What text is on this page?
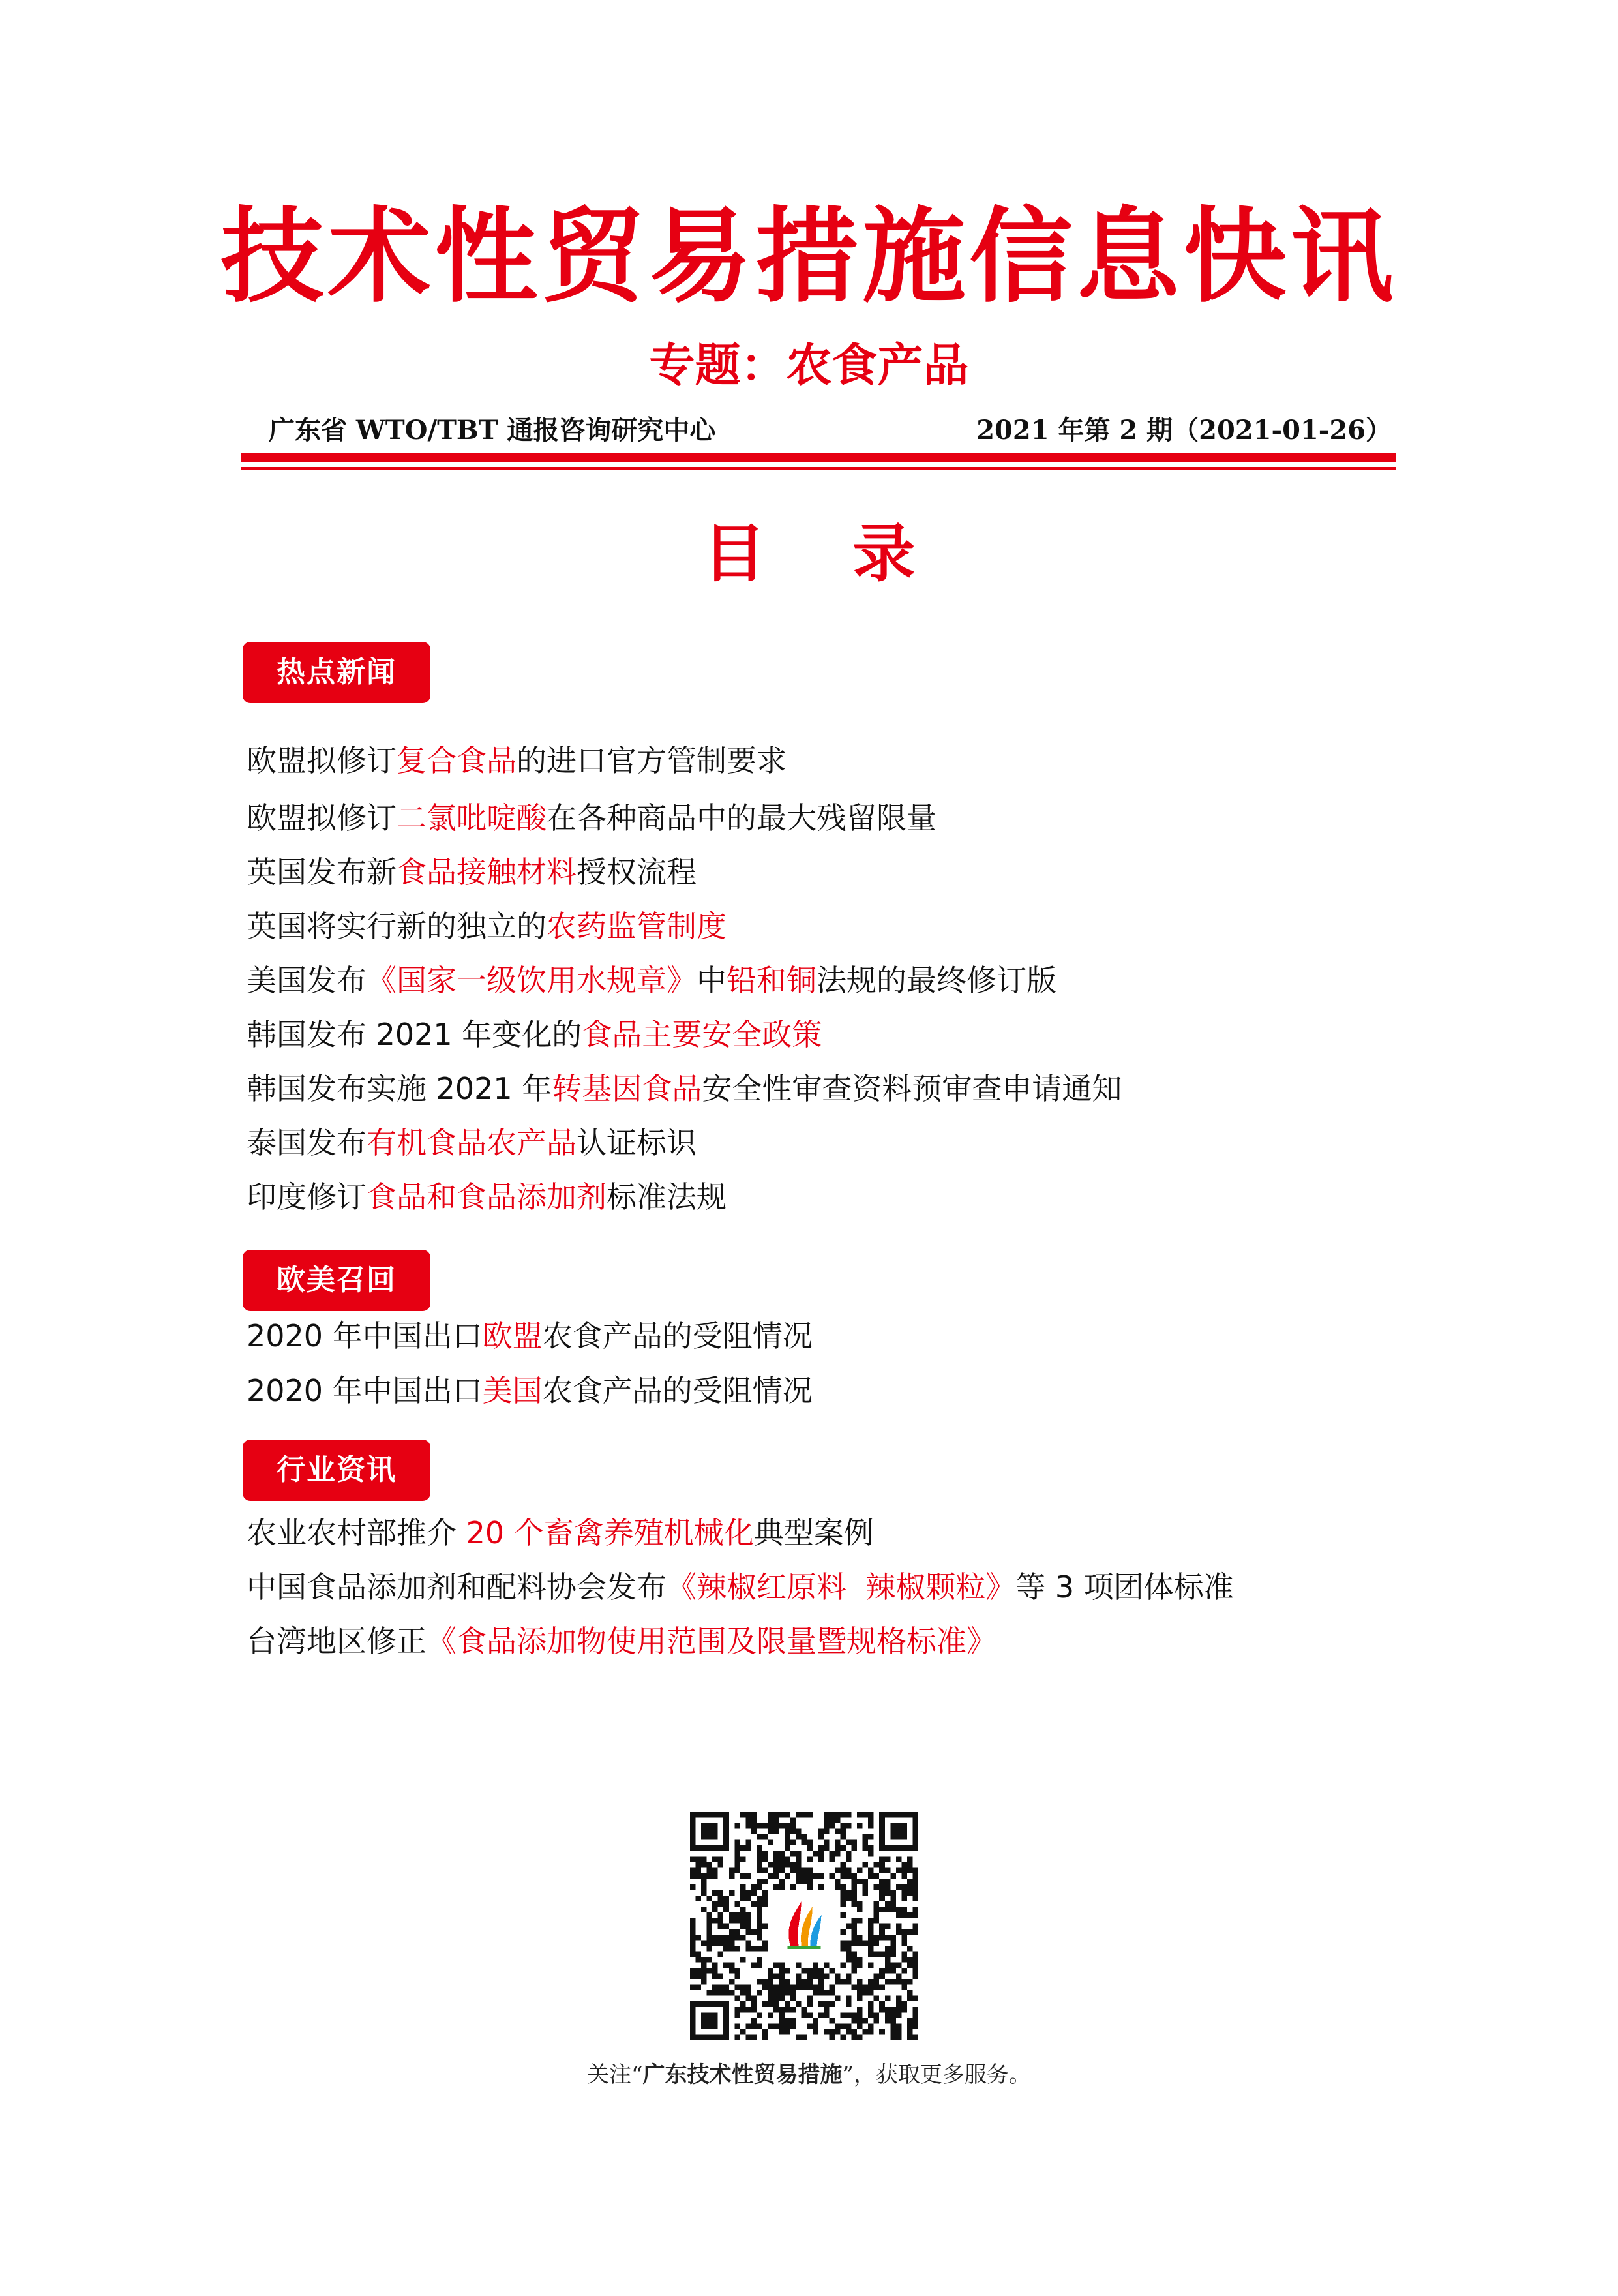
技术性贸易措施信息快讯
专题：农食产品
广东省 WTO/TBT 通报咨询研究中心	2021 年第 2 期（2021-01-26）
目 录
热点新闻
欧盟拟修订复合食品的进口官方管制要求
欧盟拟修订二氯吡啶酸在各种商品中的最大残留限量
英国发布新食品接触材料授权流程
英国将实行新的独立的农药监管制度
美国发布《国家一级饮用水规章》中铅和铜法规的最终修订版
韩国发布 2021 年变化的食品主要安全政策
韩国发布实施 2021 年转基因食品安全性审查资料预审查申请通知
泰国发布有机食品农产品认证标识
印度修订食品和食品添加剂标准法规
欧美召回
2020 年中国出口欧盟农食产品的受阻情况
2020 年中国出口美国农食产品的受阻情况
行业资讯
农业农村部推介 20 个畜禽养殖机械化典型案例
中国食品添加剂和配料协会发布《辣椒红原料  辣椒颗粒》等 3 项团体标准
台湾地区修正《食品添加物使用范围及限量暨规格标准》
关注“广东技术性贸易措施”，获取更多服务。
